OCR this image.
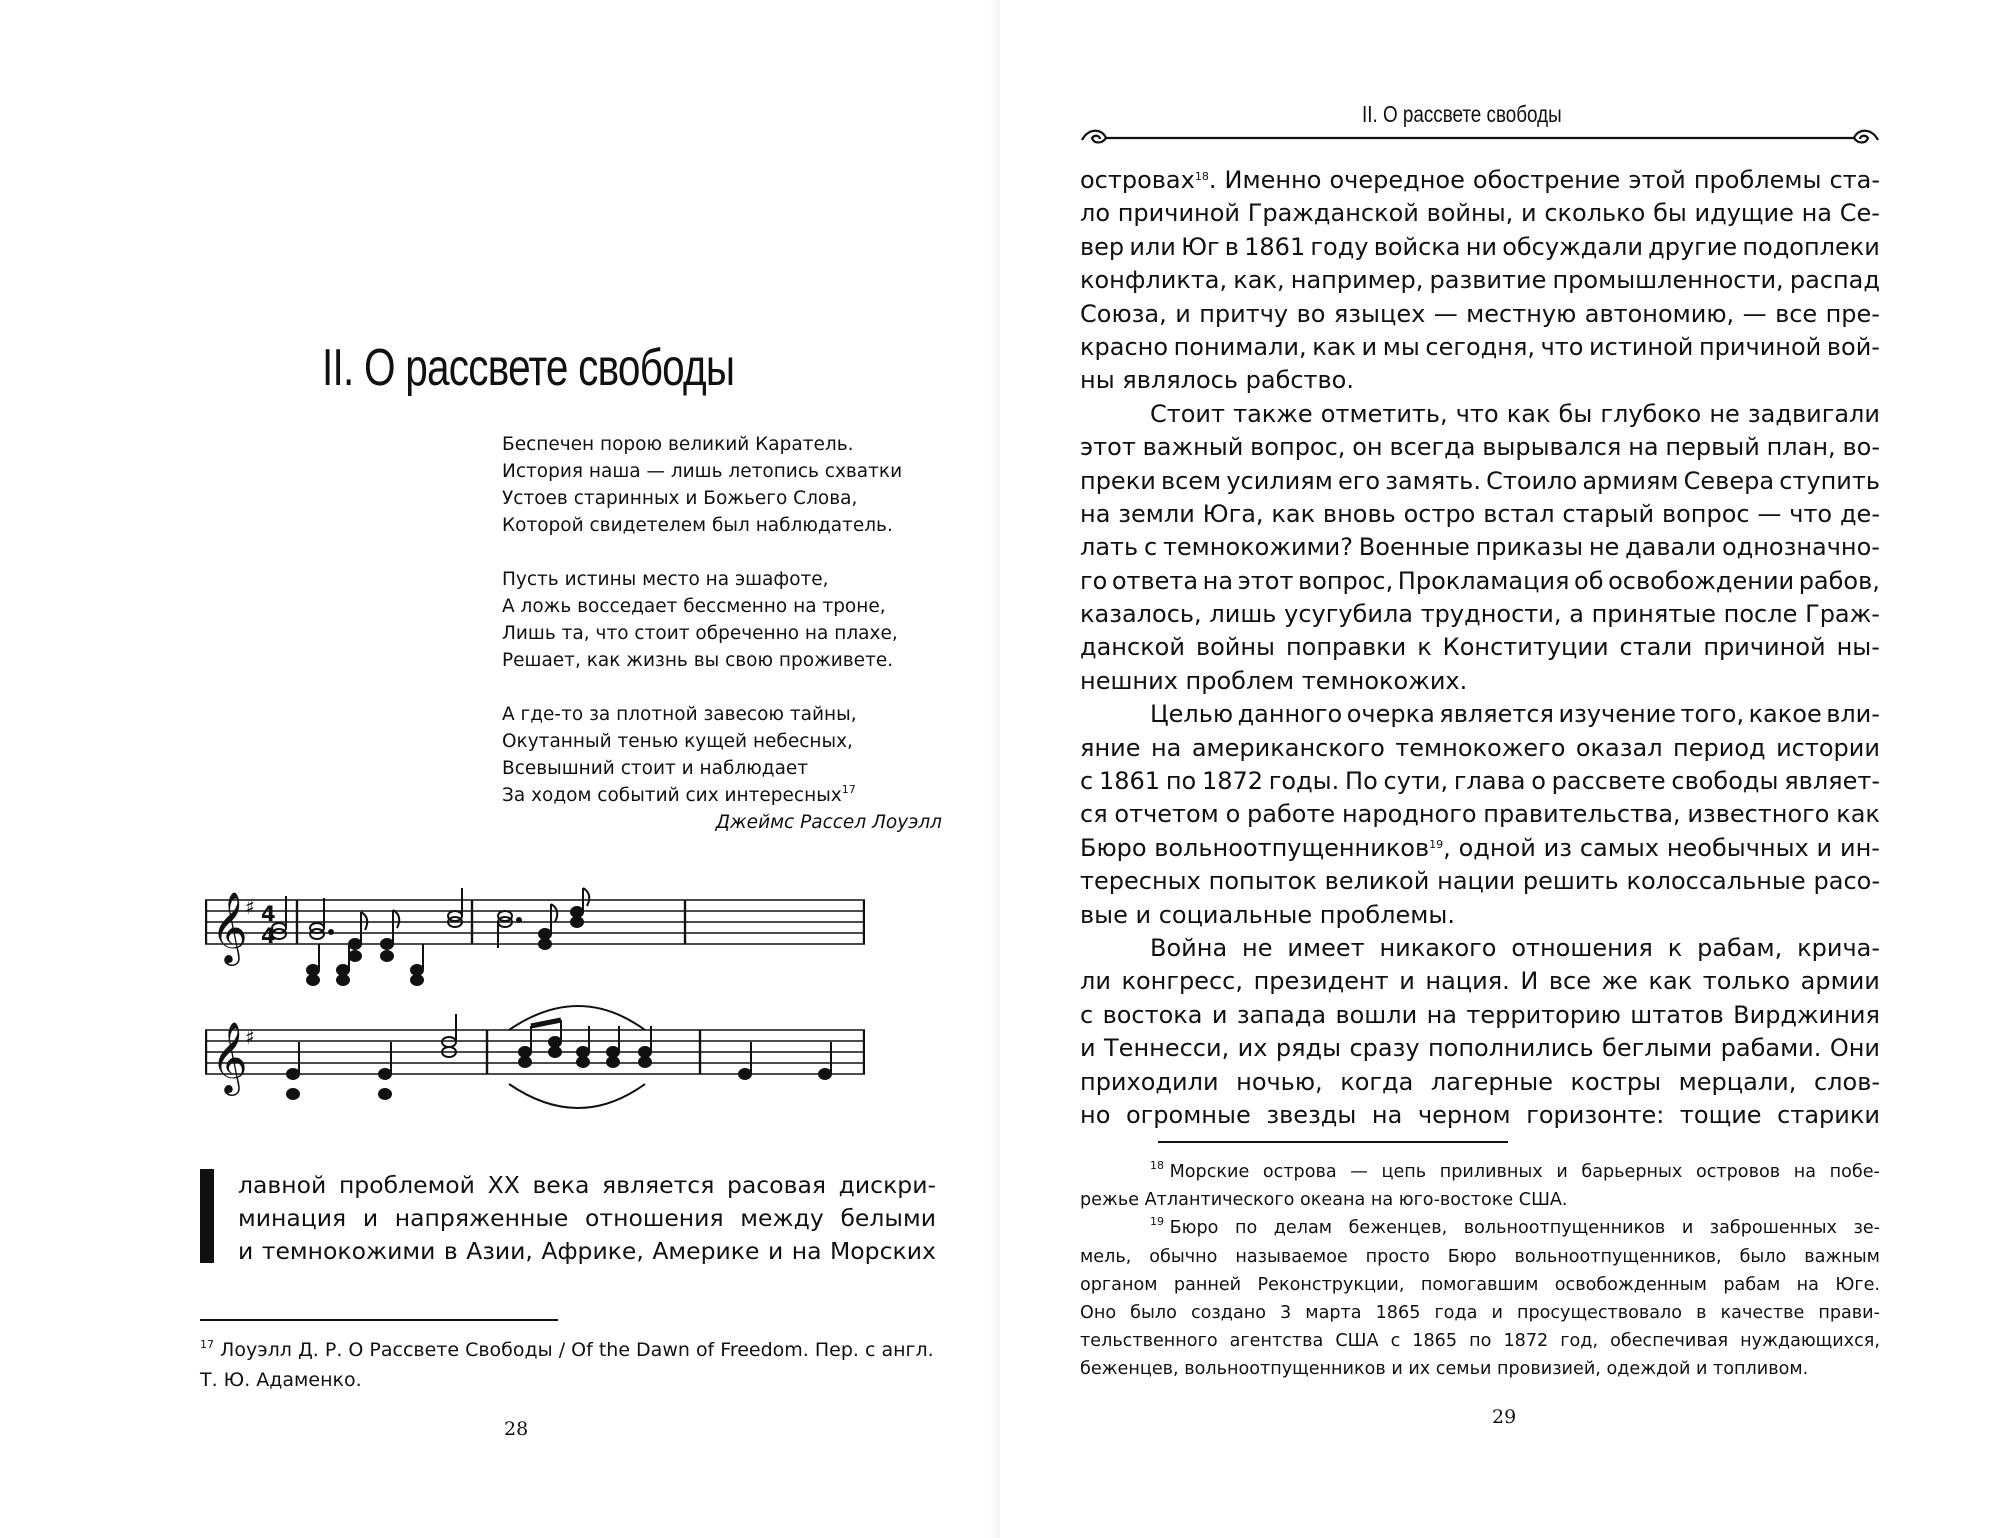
II. О рассвете свободы
Беспечен порою великий Каратель.
История наша — лишь летопись схватки
Устоев старинных и Божьего Слова,
Которой свидетелем был наблюдатель.
Пусть истины место на эшафоте,
А ложь восседает бессменно на троне,
Лишь та, что стоит обреченно на плахе,
Решает, как жизнь вы свою проживете.
А где-то за плотной завесою тайны,
Окутанный тенью кущей небесных,
Всевышний стоит и наблюдает
За ходом событий сих интересных$^{17}$
Джеймс Рассел Лоуэлл
𝄞
𝄞
♯
♯
4
4
лавной проблемой XX века является расовая дискри-
минация и напряженные отношения между белыми
и темнокожими в Азии, Африке, Америке и на Морских

$^{17}$ Лоуэлл Д. Р. О Рассвете Свободы / Of the Dawn of Freedom. Пер. с англ.

Т. Ю. Адаменко.

28
II. О рассвете свободы
островах$^{18}$. Именно очередное обострение этой проблемы ста-
ло причиной Гражданской войны, и сколько бы идущие на Се-
вер или Юг в 1861 году войска ни обсуждали другие подоплеки
конфликта, как, например, развитие промышленности, распад
Союза, и притчу во языцех — местную автономию, — все пре-
красно понимали, как и мы сегодня, что истиной причиной вой-
ны являлось рабство.
Стоит также отметить, что как бы глубоко не задвигали
этот важный вопрос, он всегда вырывался на первый план, во-
преки всем усилиям его замять. Стоило армиям Севера ступить
на земли Юга, как вновь остро встал старый вопрос — что де-
лать с темнокожими? Военные приказы не давали однозначно-
го ответа на этот вопрос, Прокламация об освобождении рабов,
казалось, лишь усугубила трудности, а принятые после Граж-
данской войны поправки к Конституции стали причиной ны-
нешних проблем темнокожих.
Целью данного очерка является изучение того, какое вли-
яние на американского темнокожего оказал период истории
с 1861 по 1872 годы. По сути, глава о рассвете свободы являет-
ся отчетом о работе народного правительства, известного как
Бюро вольноотпущенников$^{19}$, одной из самых необычных и ин-
тересных попыток великой нации решить колоссальные расо-
вые и социальные проблемы.
Война не имеет никакого отношения к рабам, крича-
ли конгресс, президент и нация. И все же как только армии
с востока и запада вошли на территорию штатов Вирджиния
и Теннесси, их ряды сразу пополнились беглыми рабами. Они
приходили ночью, когда лагерные костры мерцали, слов-
но огромные звезды на черном горизонте: тощие старики
$^{18}$ Морские острова — цепь приливных и барьерных островов на побе-
режье Атлантического океана на юго-востоке США.
$^{19}$ Бюро по делам беженцев, вольноотпущенников и заброшенных зе-
мель, обычно называемое просто Бюро вольноотпущенников, было важным
органом ранней Реконструкции, помогавшим освобожденным рабам на Юге.
Оно было создано 3 марта 1865 года и просуществовало в качестве прави-
тельственного агентства США с 1865 по 1872 год, обеспечивая нуждающихся,
беженцев, вольноотпущенников и их семьи провизией, одеждой и топливом.
29
